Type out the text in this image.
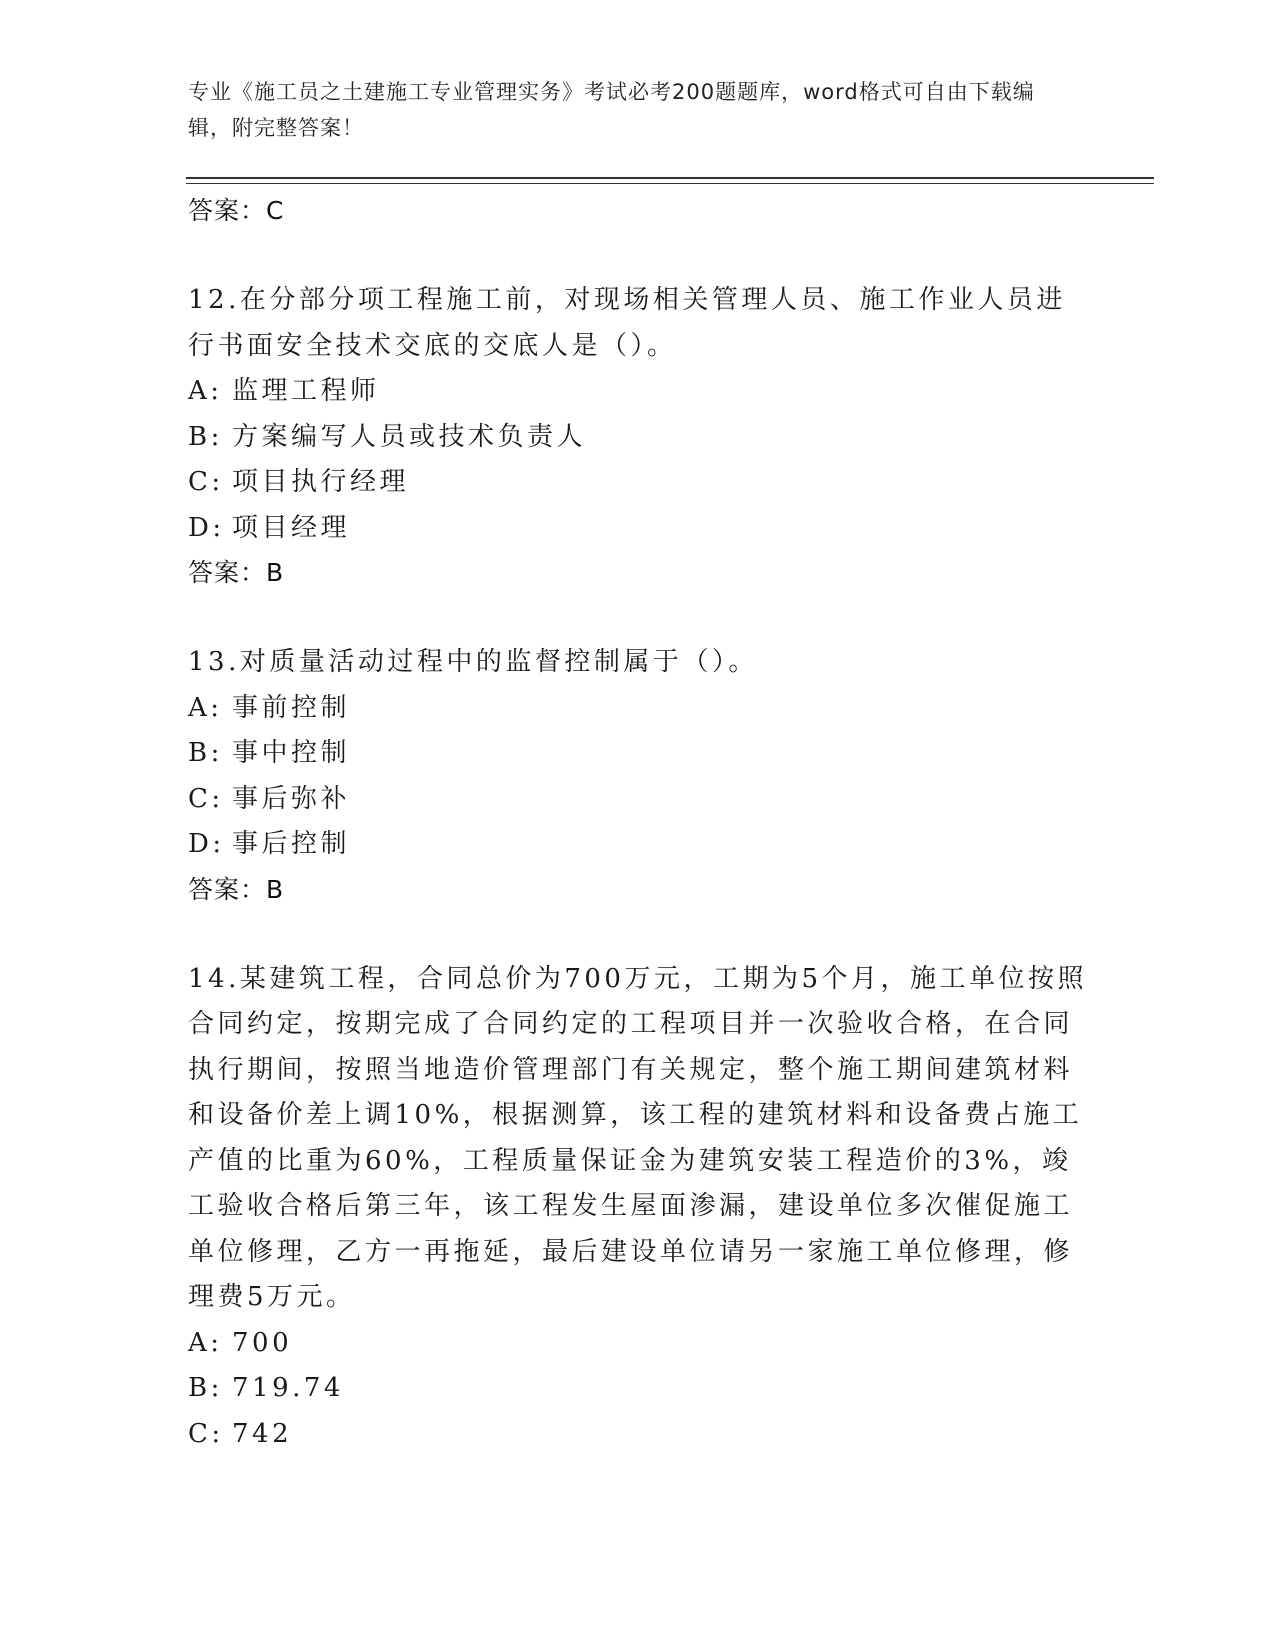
专业《施工员之土建施工专业管理实务》考试必考200题题库，word格式可自由下载编辑，附完整答案！
答案：C
12.在分部分项工程施工前，对现场相关管理人员、施工作业人员进行书面安全技术交底的交底人是（）。
A: 监理工程师
B: 方案编写人员或技术负责人
C: 项目执行经理
D: 项目经理
答案：B
13.对质量活动过程中的监督控制属于（）。
A: 事前控制
B: 事中控制
C: 事后弥补
D: 事后控制
答案：B
14.某建筑工程，合同总价为700万元，工期为5个月，施工单位按照合同约定，按期完成了合同约定的工程项目并一次验收合格，在合同执行期间，按照当地造价管理部门有关规定，整个施工期间建筑材料和设备价差上调10%，根据测算，该工程的建筑材料和设备费占施工产值的比重为60%，工程质量保证金为建筑安装工程造价的3%，竣工验收合格后第三年，该工程发生屋面渗漏，建设单位多次催促施工单位修理，乙方一再拖延，最后建设单位请另一家施工单位修理，修理费5万元。
A: 700
B: 719.74
C: 742
